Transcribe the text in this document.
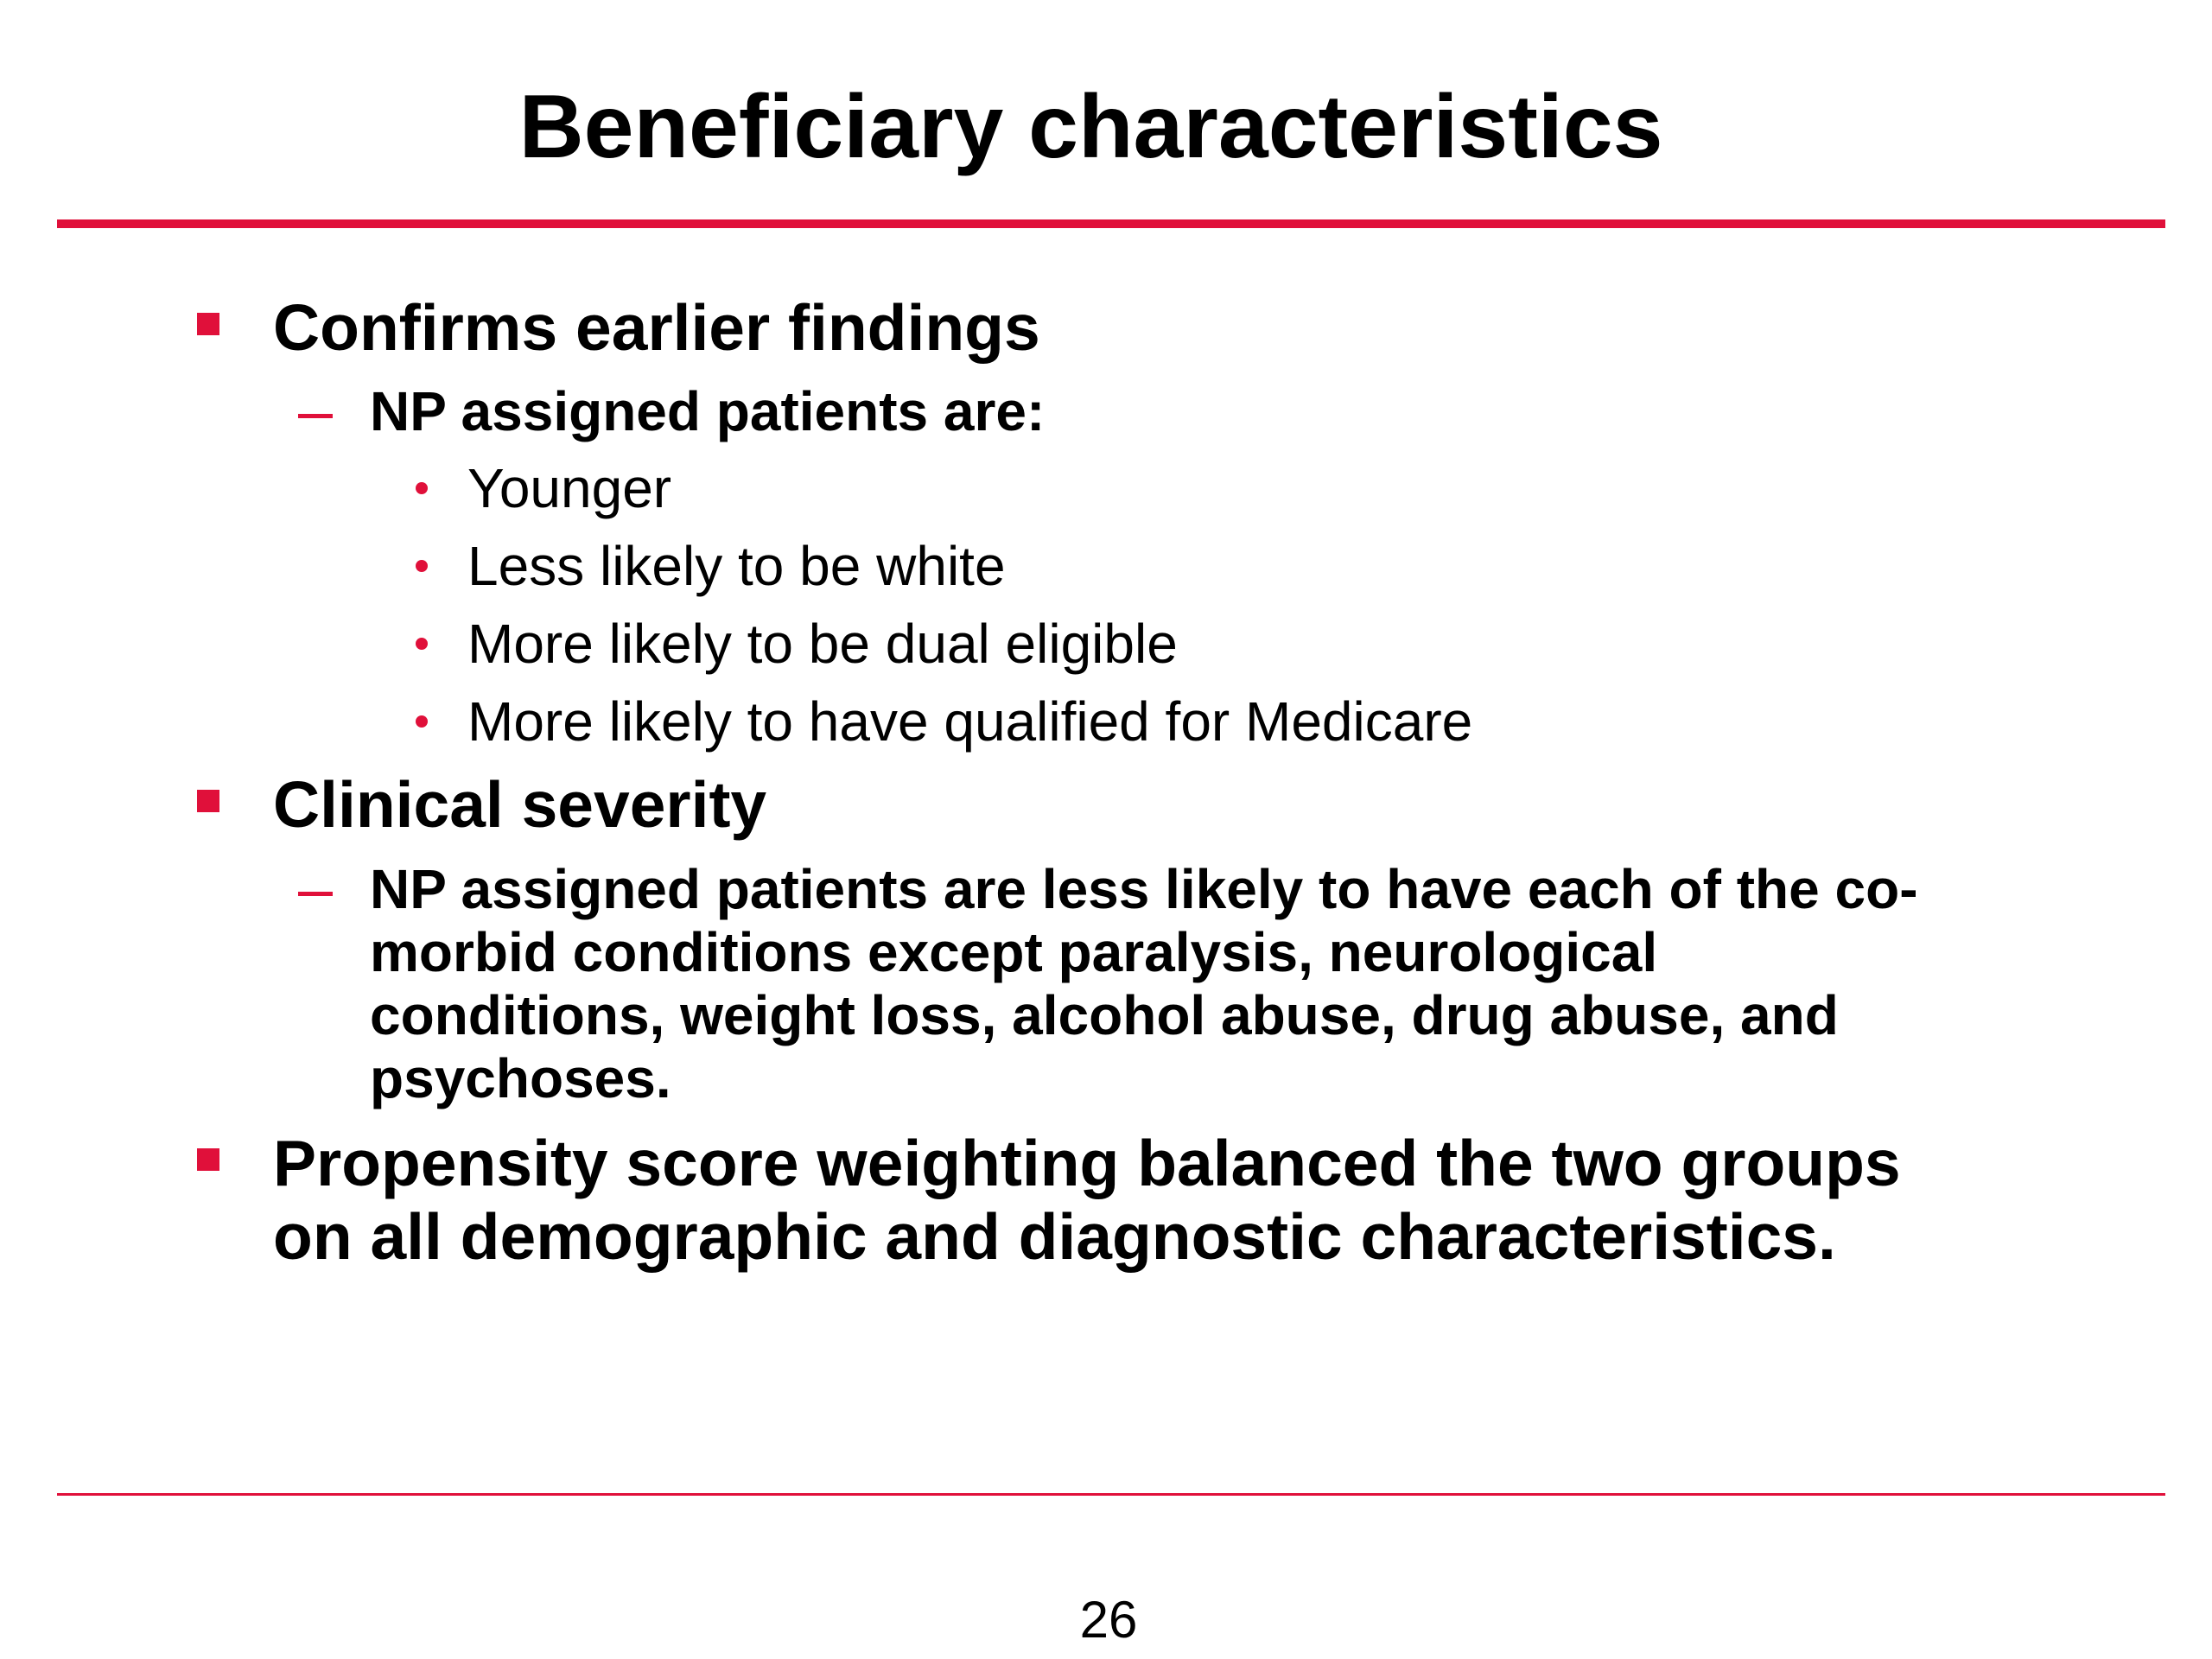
Beneficiary characteristics

Confirms earlier findings

NP assigned patients are:

Younger

Less likely to be white

More likely to be dual eligible

More likely to have qualified for Medicare

Clinical severity

NP assigned patients are less likely to have each of the co-

morbid conditions except paralysis, neurological

conditions, weight loss, alcohol abuse, drug abuse, and

psychoses.

Propensity score weighting balanced the two groups

on all demographic and diagnostic characteristics.

26
